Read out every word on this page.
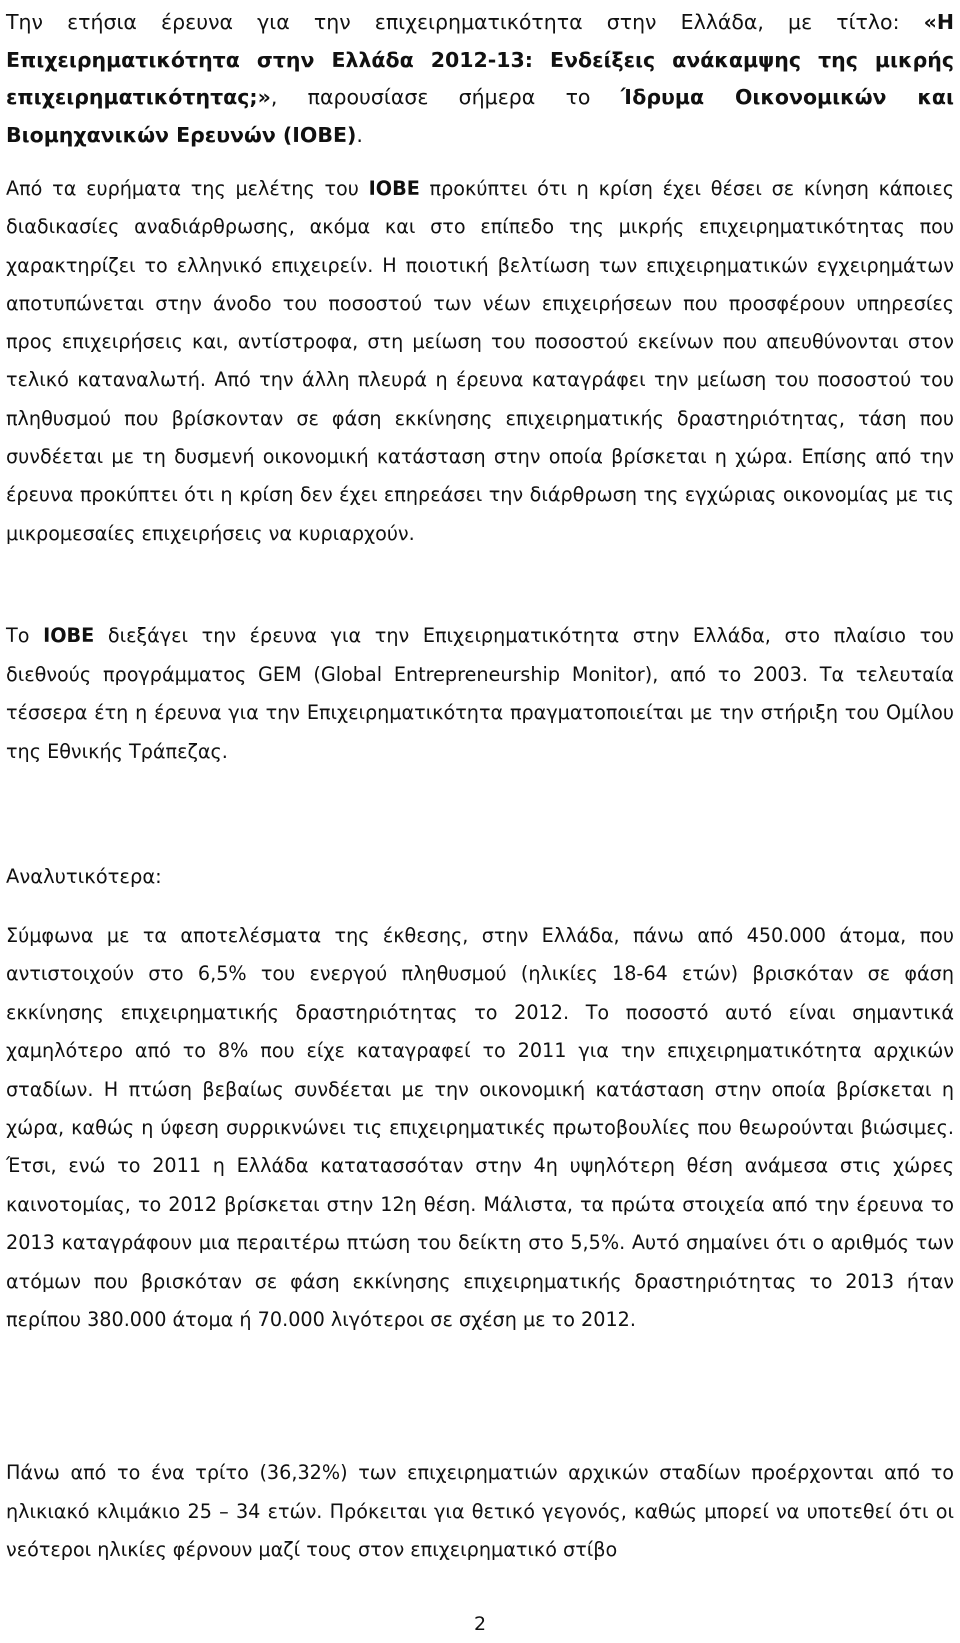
Την ετήσια έρευνα για την επιχειρηματικότητα στην Ελλάδα, με τίτλο: «Η Επιχειρηματικότητα στην Ελλάδα 2012-13: Ενδείξεις ανάκαμψης της μικρής επιχειρηματικότητας;», παρουσίασε σήμερα το Ίδρυμα Οικονομικών και Βιομηχανικών Ερευνών (ΙΟΒΕ).

Από τα ευρήματα της μελέτης του ΙΟΒΕ προκύπτει ότι η κρίση έχει θέσει σε κίνηση κάποιες διαδικασίες αναδιάρθρωσης, ακόμα και στο επίπεδο της μικρής επιχειρηματικότητας που χαρακτηρίζει το ελληνικό επιχειρείν. Η ποιοτική βελτίωση των επιχειρηματικών εγχειρημάτων αποτυπώνεται στην άνοδο του ποσοστού των νέων επιχειρήσεων που προσφέρουν υπηρεσίες προς επιχειρήσεις και, αντίστροφα, στη μείωση του ποσοστού εκείνων που απευθύνονται στον τελικό καταναλωτή. Από την άλλη πλευρά η έρευνα καταγράφει την μείωση του ποσοστού του πληθυσμού που βρίσκονταν σε φάση εκκίνησης επιχειρηματικής δραστηριότητας, τάση που συνδέεται με τη δυσμενή οικονομική κατάσταση στην οποία βρίσκεται η χώρα. Επίσης από την έρευνα προκύπτει ότι η κρίση δεν έχει επηρεάσει την διάρθρωση της εγχώριας οικονομίας με τις μικρομεσαίες επιχειρήσεις να κυριαρχούν.

Το ΙΟΒΕ διεξάγει την έρευνα για την Επιχειρηματικότητα στην Ελλάδα, στο πλαίσιο του διεθνούς προγράμματος GEM (Global Entrepreneurship Monitor), από το 2003. Τα τελευταία τέσσερα έτη η έρευνα για την Επιχειρηματικότητα πραγματοποιείται με την στήριξη του Ομίλου της Εθνικής Τράπεζας.

Αναλυτικότερα:

Σύμφωνα με τα αποτελέσματα της έκθεσης, στην Ελλάδα, πάνω από 450.000 άτομα, που αντιστοιχούν στο 6,5% του ενεργού πληθυσμού (ηλικίες 18-64 ετών) βρισκόταν σε φάση εκκίνησης επιχειρηματικής δραστηριότητας το 2012. Το ποσοστό αυτό είναι σημαντικά χαμηλότερο από το 8% που είχε καταγραφεί το 2011 για την επιχειρηματικότητα αρχικών σταδίων. Η πτώση βεβαίως συνδέεται με την οικονομική κατάσταση στην οποία βρίσκεται η χώρα, καθώς η ύφεση συρρικνώνει τις επιχειρηματικές πρωτοβουλίες που θεωρούνται βιώσιμες. Έτσι, ενώ το 2011 η Ελλάδα κατατασσόταν στην 4η υψηλότερη θέση ανάμεσα στις χώρες καινοτομίας, το 2012 βρίσκεται στην 12η θέση. Μάλιστα, τα πρώτα στοιχεία από την έρευνα το 2013 καταγράφουν μια περαιτέρω πτώση του δείκτη στο 5,5%. Αυτό σημαίνει ότι ο αριθμός των ατόμων που βρισκόταν σε φάση εκκίνησης επιχειρηματικής δραστηριότητας το 2013 ήταν περίπου 380.000 άτομα ή 70.000 λιγότεροι σε σχέση με το 2012.

Πάνω από το ένα τρίτο (36,32%) των επιχειρηματιών αρχικών σταδίων προέρχονται από το ηλικιακό κλιμάκιο 25 – 34 ετών. Πρόκειται για θετικό γεγονός, καθώς μπορεί να υποτεθεί ότι οι νεότεροι ηλικίες φέρνουν μαζί τους στον επιχειρηματικό στίβο

2
